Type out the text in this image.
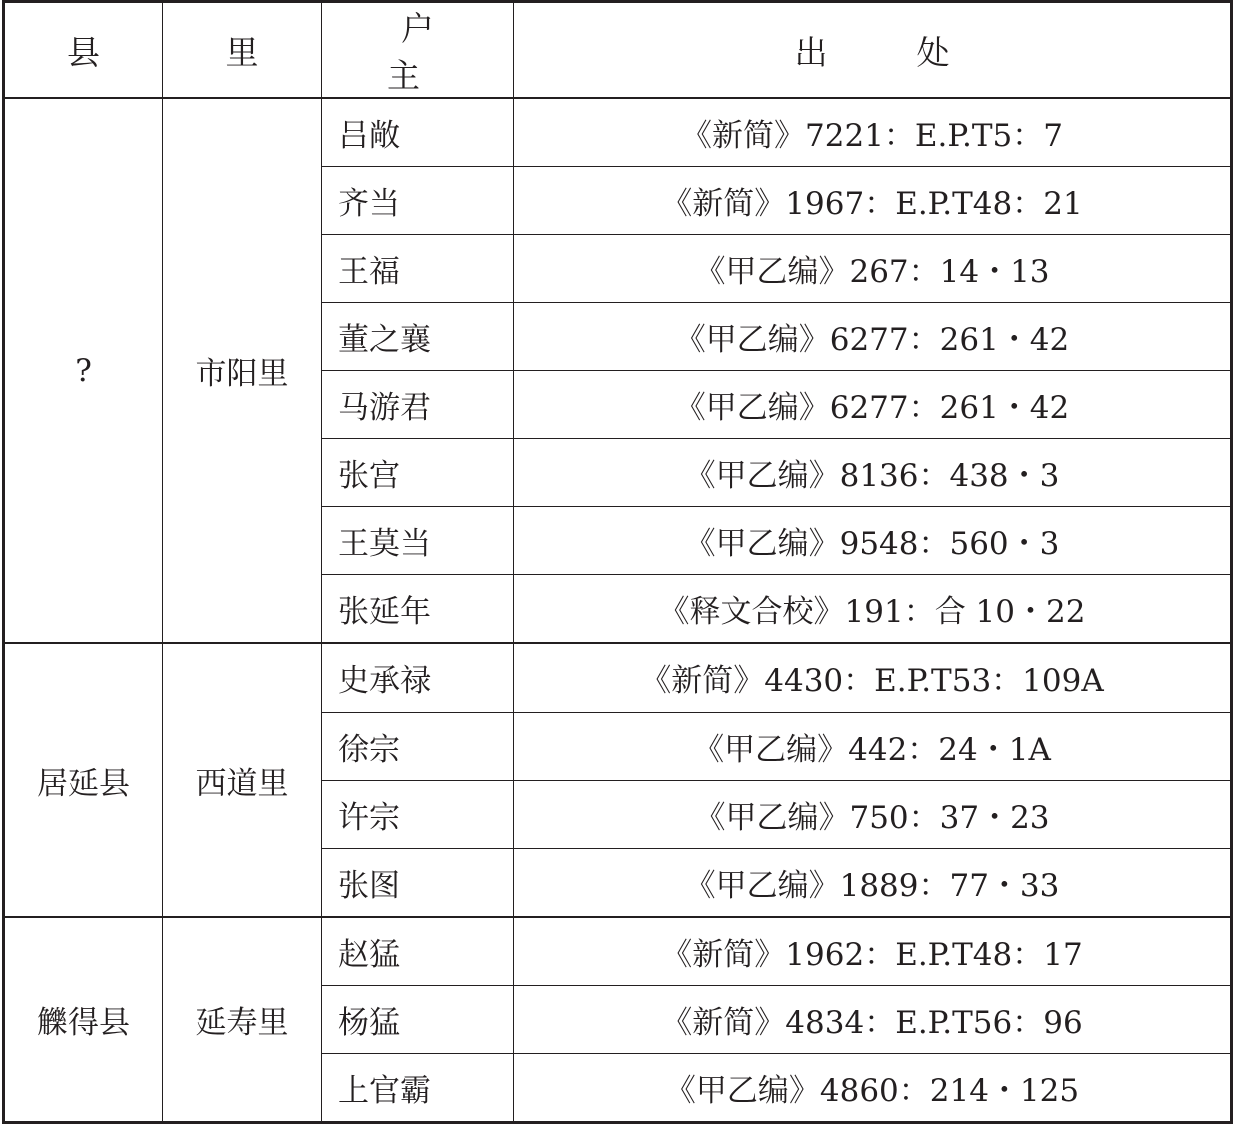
县	里	户　主	出　处
?	市阳里	吕敞	《新简》7221：E.P.T5：7
		齐当	《新简》1967：E.P.T48：21
		王福	《甲乙编》267：14・13
		董之襄	《甲乙编》6277：261・42
		马游君	《甲乙编》6277：261・42
		张宫	《甲乙编》8136：438・3
		王莫当	《甲乙编》9548：560・3
		张延年	《释文合校》191：合 10・22
居延县	西道里	史承禄	《新简》4430：E.P.T53：109A
		徐宗	《甲乙编》442：24・1A
		许宗	《甲乙编》750：37・23
		张图	《甲乙编》1889：77・33
觻得县	延寿里	赵猛	《新简》1962：E.P.T48：17
		杨猛	《新简》4834：E.P.T56：96
		上官霸	《甲乙编》4860：214・125
